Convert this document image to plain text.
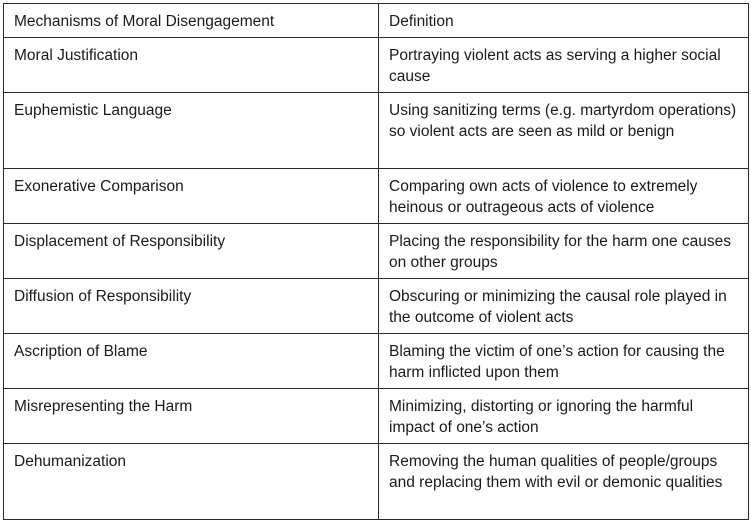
Mechanisms of Moral Disengagement	Definition
Moral Justification	Portraying violent acts as serving a higher social cause
Euphemistic Language	Using sanitizing terms (e.g. martyrdom operations) so violent acts are seen as mild or benign
Exonerative Comparison	Comparing own acts of violence to extremely heinous or outrageous acts of violence
Displacement of Responsibility	Placing the responsibility for the harm one causes on other groups
Diffusion of Responsibility	Obscuring or minimizing the causal role played in the outcome of violent acts
Ascription of Blame	Blaming the victim of one’s action for causing the harm inflicted upon them
Misrepresenting the Harm	Minimizing, distorting or ignoring the harmful impact of one’s action
Dehumanization	Removing the human qualities of people/groups and replacing them with evil or demonic qualities
